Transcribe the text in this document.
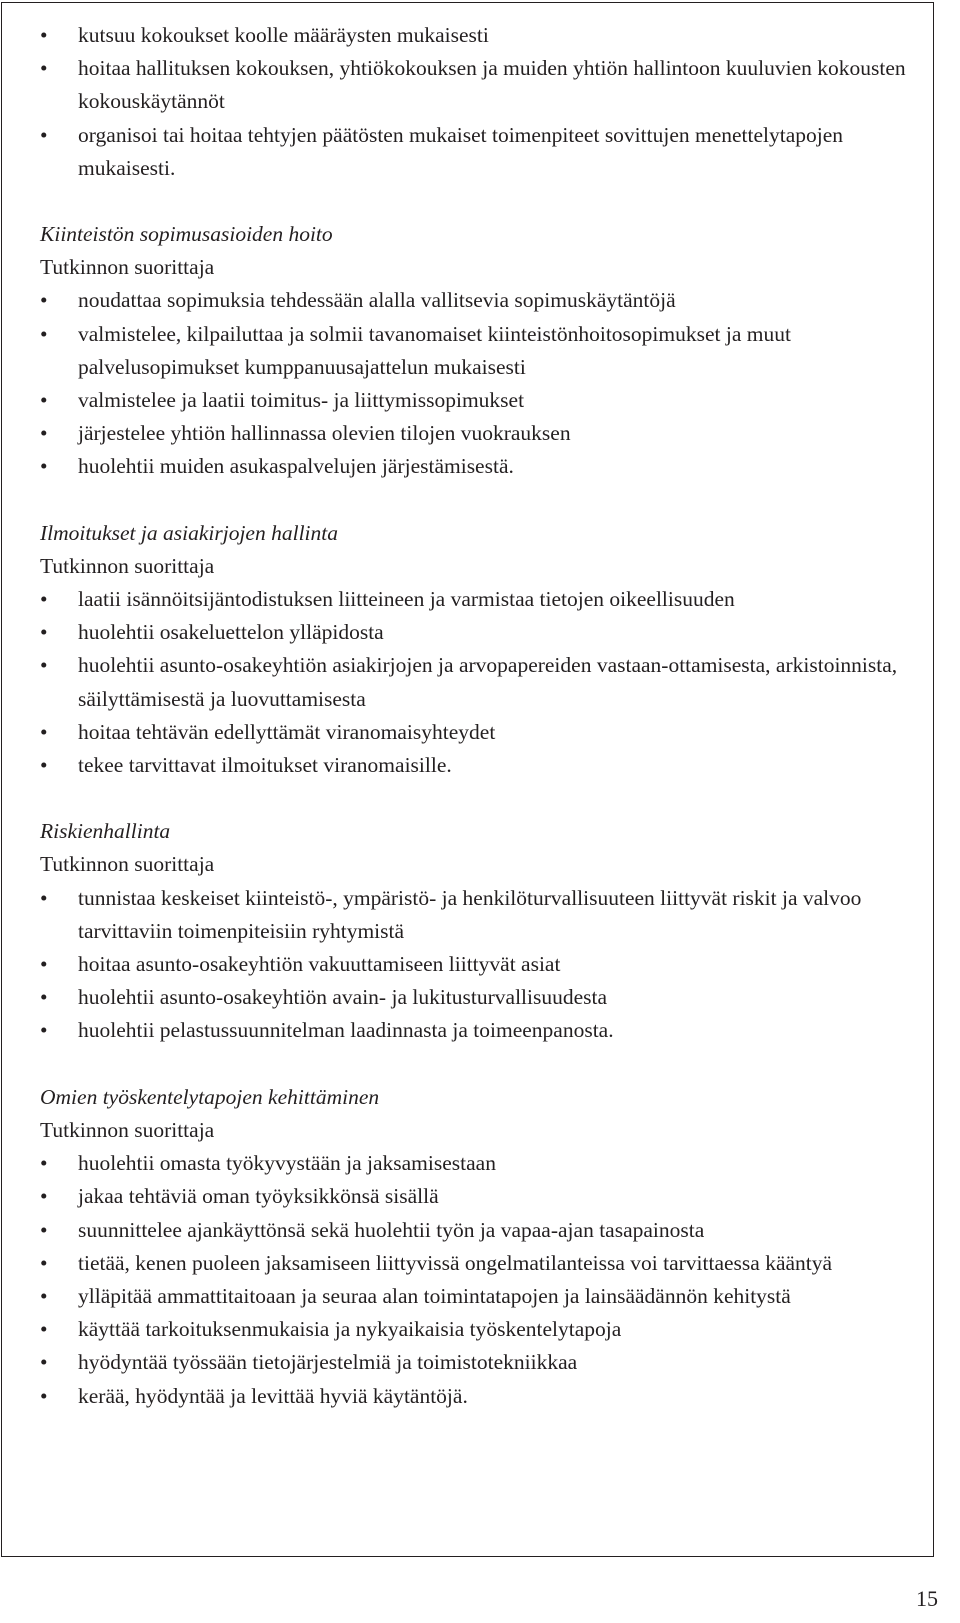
• kutsuu kokoukset koolle määräysten mukaisesti
• hoitaa hallituksen kokouksen, yhtiökokouksen ja muiden yhtiön hallintoon kuuluvien kokousten kokouskäytännöt
• organisoi tai hoitaa tehtyjen päätösten mukaiset toimenpiteet sovittujen menettelytapojen mukaisesti.
Kiinteistön sopimusasioiden hoito
Tutkinnon suorittaja
• noudattaa sopimuksia tehdessään alalla vallitsevia sopimuskäytäntöjä
• valmistelee, kilpailuttaa ja solmii tavanomaiset kiinteistönhoitosopimukset ja muut palvelusopimukset kumppanuusajattelun mukaisesti
• valmistelee ja laatii toimitus- ja liittymissopimukset
• järjestelee yhtiön hallinnassa olevien tilojen vuokrauksen
• huolehtii muiden asukaspalvelujen järjestämisestä.
Ilmoitukset ja asiakirjojen hallinta
Tutkinnon suorittaja
• laatii isännöitsijäntodistuksen liitteineen ja varmistaa tietojen oikeellisuuden
• huolehtii osakeluettelon ylläpidosta
• huolehtii asunto-osakeyhtiön asiakirjojen ja arvopapereiden vastaan-ottamisesta, arkistoinnista, säilyttämisestä ja luovuttamisesta
• hoitaa tehtävän edellyttämät viranomaisyhteydet
• tekee tarvittavat ilmoitukset viranomaisille.
Riskienhallinta
Tutkinnon suorittaja
• tunnistaa keskeiset kiinteistö-, ympäristö- ja henkilöturvallisuuteen liittyvät riskit ja valvoo tarvittaviin toimenpiteisiin ryhtymistä
• hoitaa asunto-osakeyhtiön vakuuttamiseen liittyvät asiat
• huolehtii asunto-osakeyhtiön avain- ja lukitusturvallisuudesta
• huolehtii pelastussuunnitelman laadinnasta ja toimeenpanosta.
Omien työskentelytapojen kehittäminen
Tutkinnon suorittaja
• huolehtii omasta työkyvystään ja jaksamisestaan
• jakaa tehtäviä oman työyksikkönsä sisällä
• suunnittelee ajankäyttönsä sekä huolehtii työn ja vapaa-ajan tasapainosta
• tietää, kenen puoleen jaksamiseen liittyvissä ongelmatilanteissa voi tarvittaessa kääntyä
• ylläpitää ammattitaitoaan ja seuraa alan toimintatapojen ja lainsäädännön kehitystä
• käyttää tarkoituksenmukaisia ja nykyaikaisia työskentelytapoja
• hyödyntää työssään tietojärjestelmiä ja toimistotekniikkaa
• kerää, hyödyntää ja levittää hyviä käytäntöjä.
15
